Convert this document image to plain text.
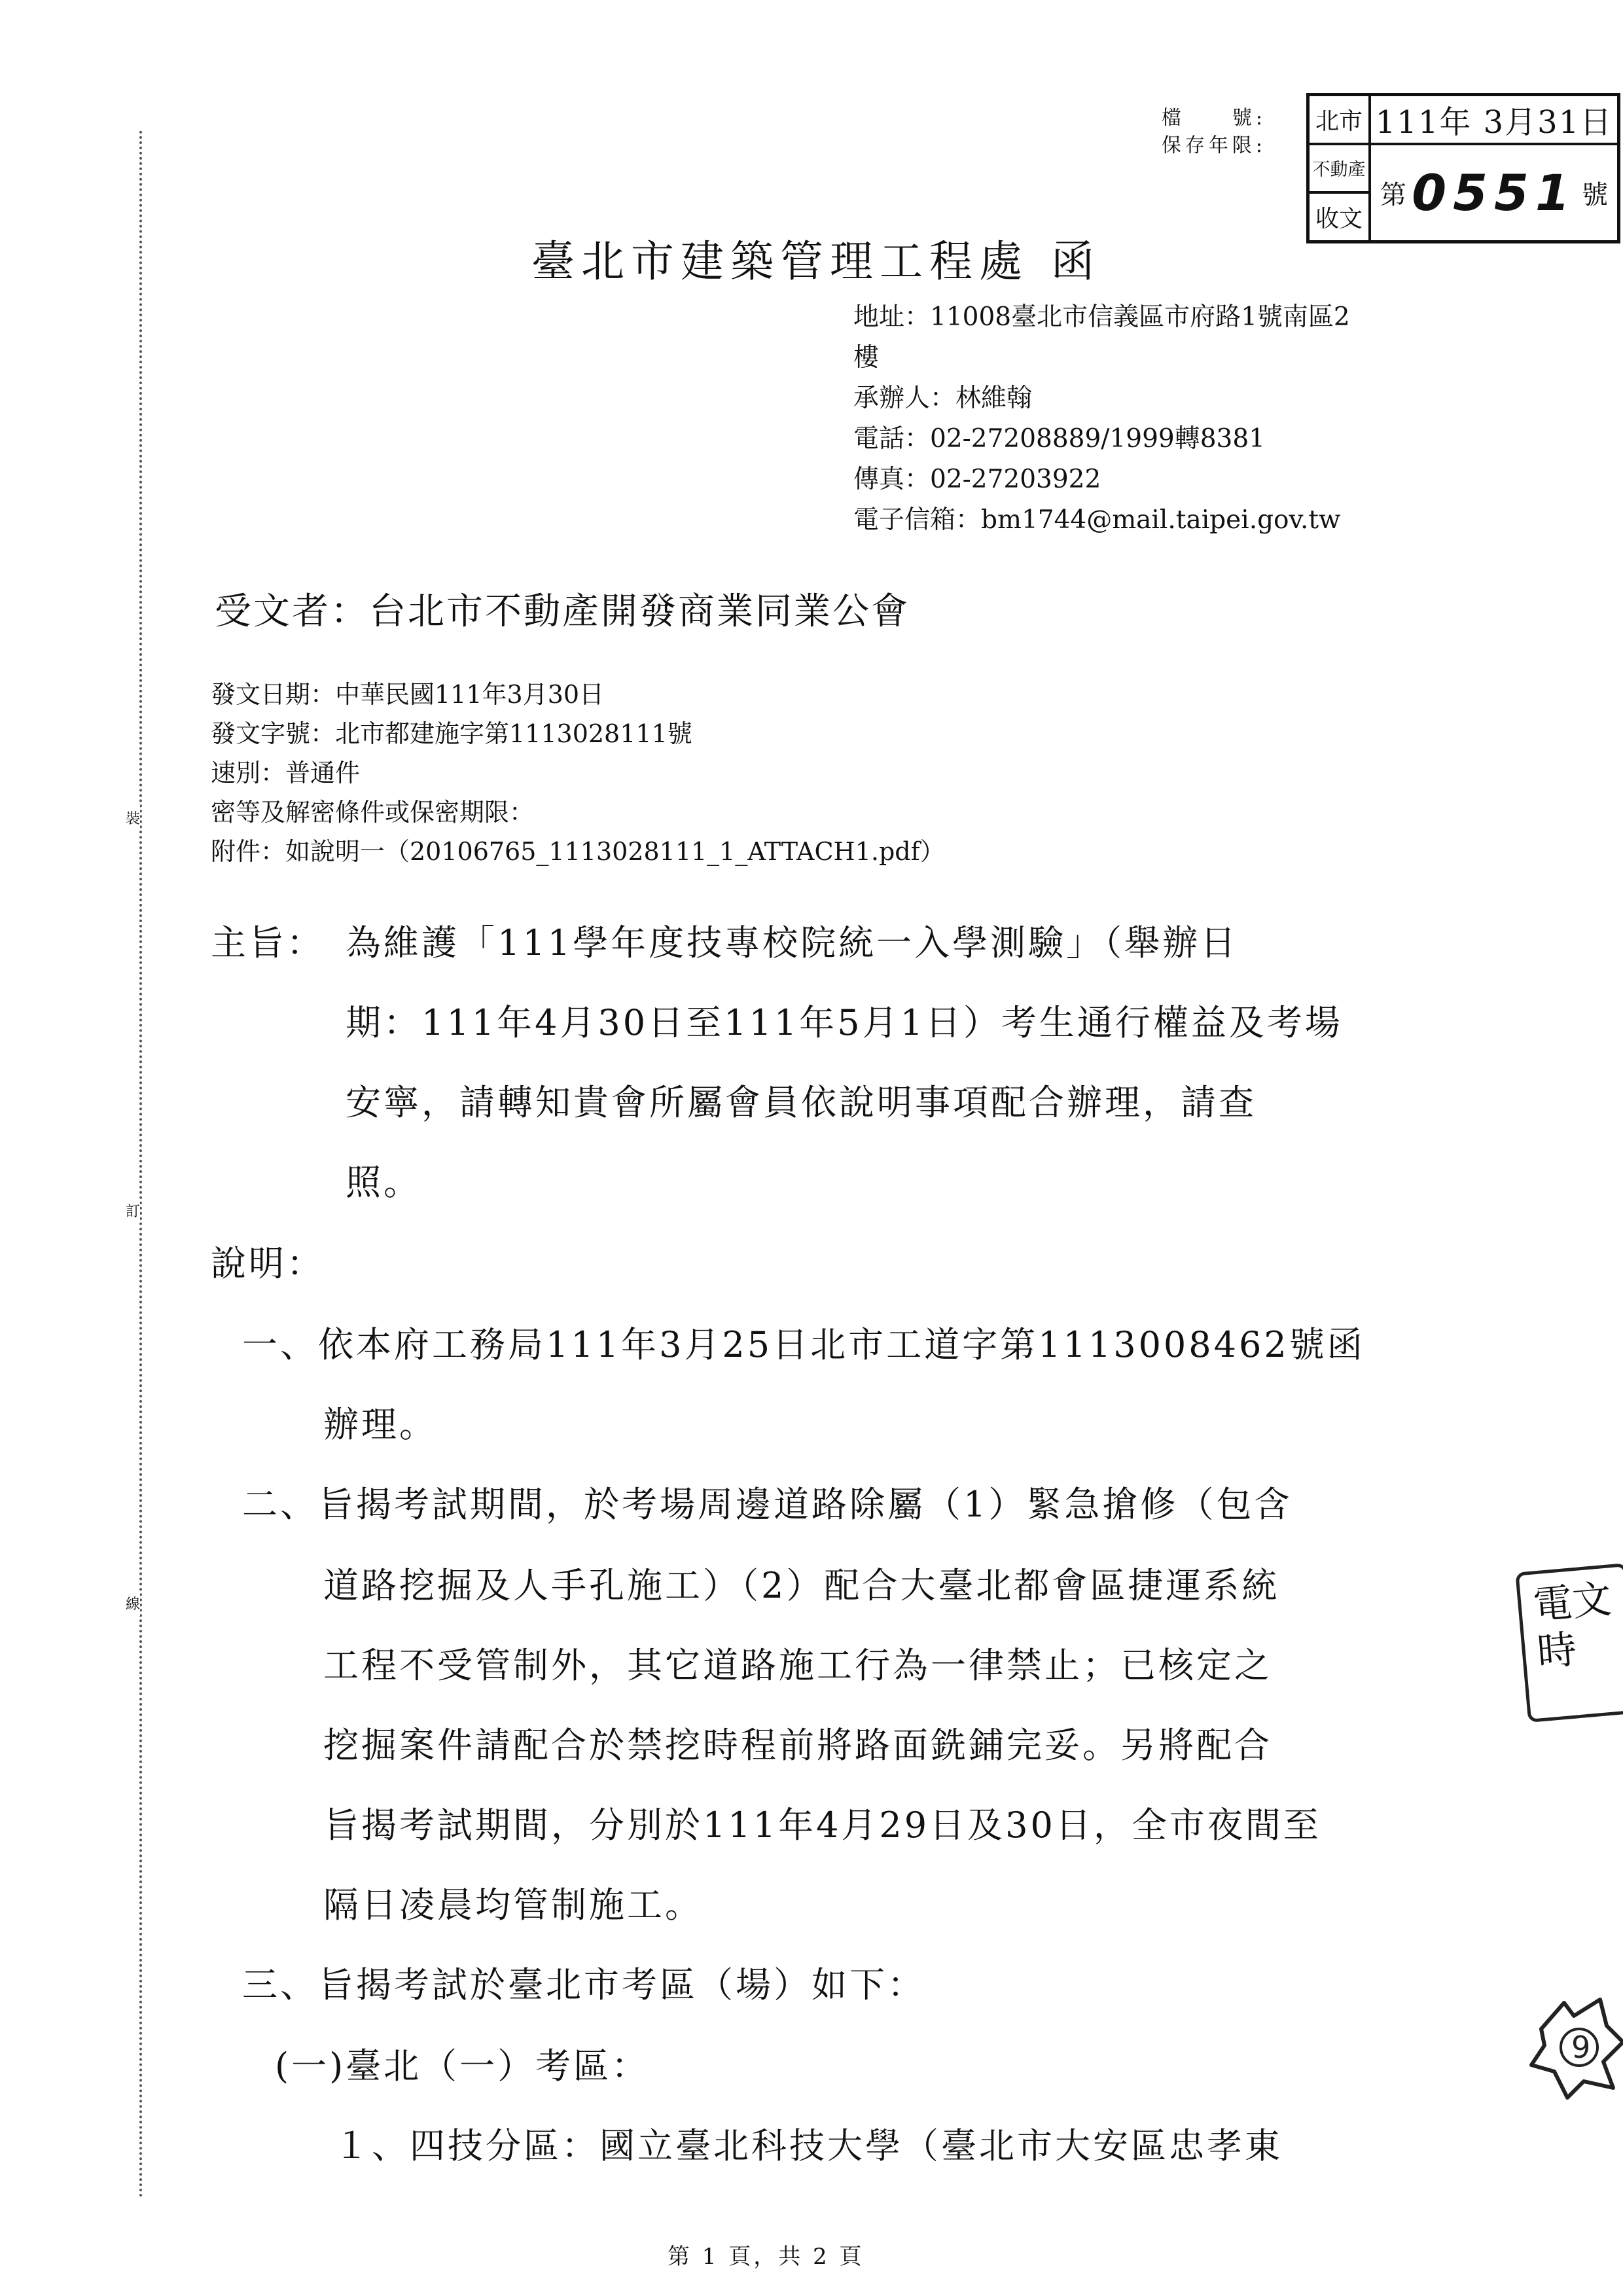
裝
訂
線
檔　　號:
保存年限:
北市 111年 3月31日
不動產
第 0551 號
收文
臺北市建築管理工程處 函
地址：11008臺北市信義區市府路1號南區2
樓
承辦人：林維翰
電話：02-27208889/1999轉8381
傳真：02-27203922
電子信箱：bm1744@mail.taipei.gov.tw
受文者：台北市不動產開發商業同業公會
發文日期：中華民國111年3月30日
發文字號：北市都建施字第1113028111號
速別：普通件
密等及解密條件或保密期限：
附件：如說明一（20106765_1113028111_1_ATTACH1.pdf）
主旨： 為維護「111學年度技專校院統一入學測驗」（舉辦日
期：111年4月30日至111年5月1日）考生通行權益及考場
安寧，請轉知貴會所屬會員依說明事項配合辦理，請查
照。
說明：
一、依本府工務局111年3月25日北市工道字第1113008462號函
辦理。
二、旨揭考試期間，於考場周邊道路除屬（1）緊急搶修（包含
道路挖掘及人手孔施工）（2）配合大臺北都會區捷運系統
工程不受管制外，其它道路施工行為一律禁止；已核定之
挖掘案件請配合於禁挖時程前將路面銑鋪完妥。另將配合
旨揭考試期間，分別於111年4月29日及30日，全市夜間至
隔日凌晨均管制施工。
三、旨揭考試於臺北市考區（場）如下：
(一)臺北（一）考區：
１、四技分區：國立臺北科技大學（臺北市大安區忠孝東
電文時
9
第 1 頁，共 2 頁
